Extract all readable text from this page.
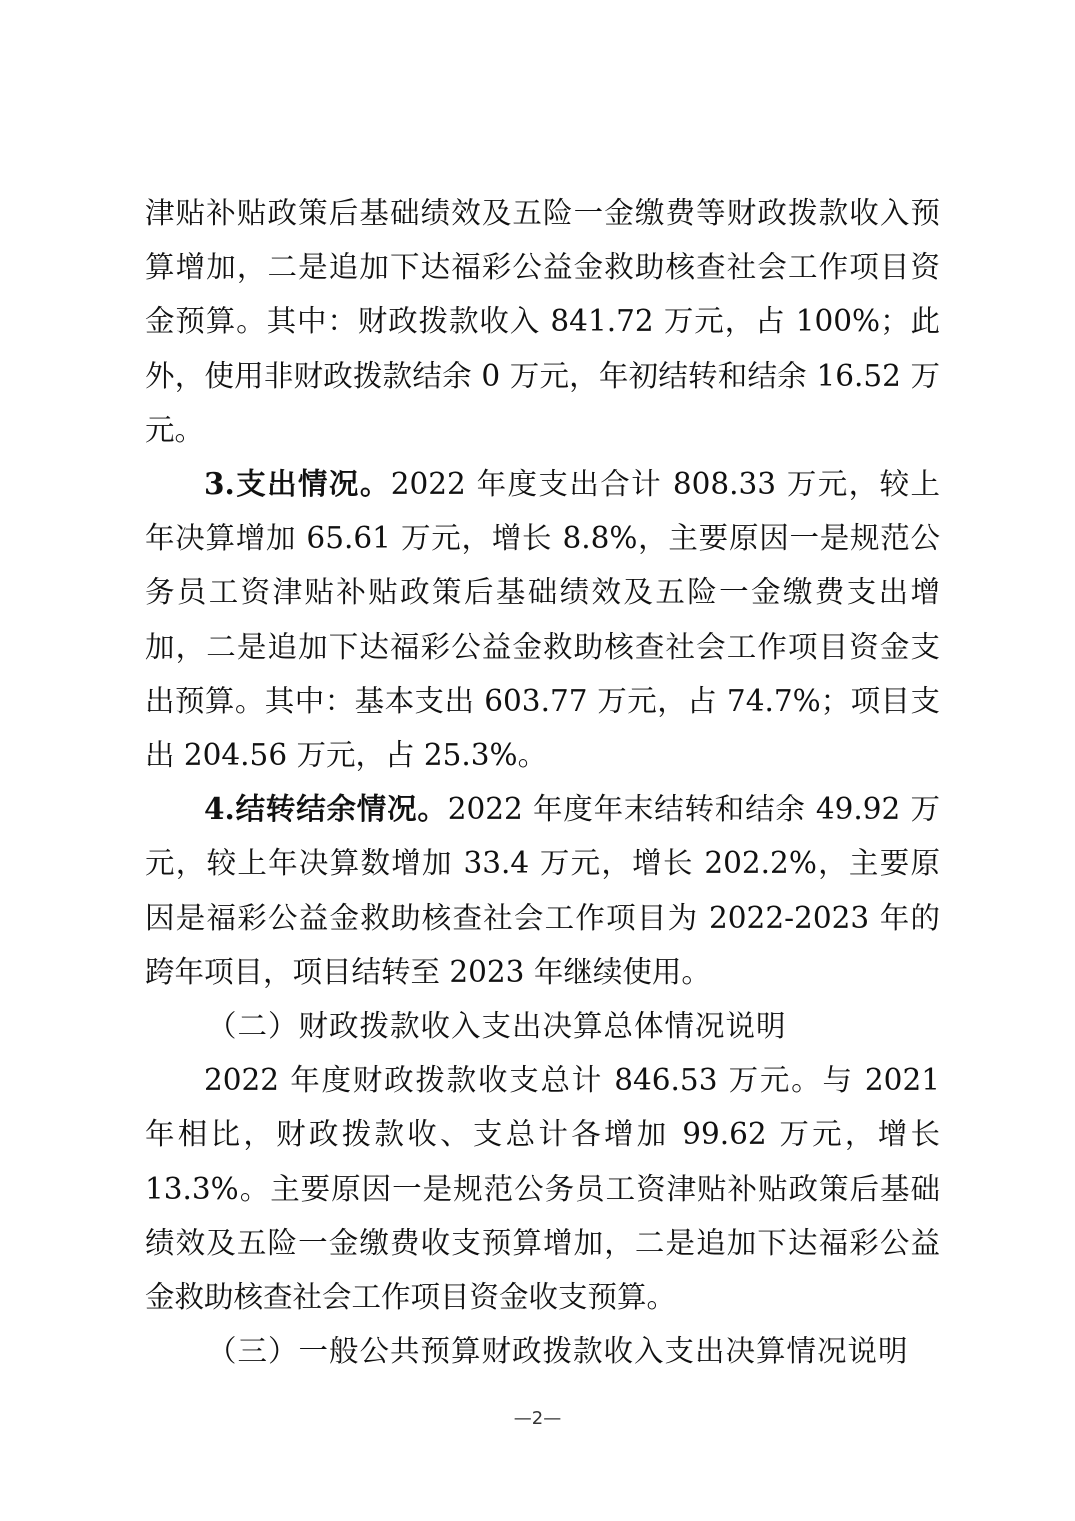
津贴补贴政策后基础绩效及五险一金缴费等财政拨款收入预算增加，二是追加下达福彩公益金救助核查社会工作项目资金预算。其中：财政拨款收入 841.72 万元，占 100%；此外，使用非财政拨款结余 0 万元，年初结转和结余 16.52 万元。

3.支出情况。2022 年度支出合计 808.33 万元，较上年决算增加 65.61 万元，增长 8.8%，主要原因一是规范公务员工资津贴补贴政策后基础绩效及五险一金缴费支出增加，二是追加下达福彩公益金救助核查社会工作项目资金支出预算。其中：基本支出 603.77 万元，占 74.7%；项目支出 204.56 万元，占 25.3%。

4.结转结余情况。2022 年度年末结转和结余 49.92 万元，较上年决算数增加 33.4 万元，增长 202.2%，主要原因是福彩公益金救助核查社会工作项目为 2022-2023 年的跨年项目，项目结转至 2023 年继续使用。

（二）财政拨款收入支出决算总体情况说明

2022 年度财政拨款收支总计 846.53 万元。与 2021 年相比，财政拨款收、支总计各增加 99.62 万元，增长 13.3%。主要原因一是规范公务员工资津贴补贴政策后基础绩效及五险一金缴费收支预算增加，二是追加下达福彩公益金救助核查社会工作项目资金收支预算。

（三）一般公共预算财政拨款收入支出决算情况说明

—2—
